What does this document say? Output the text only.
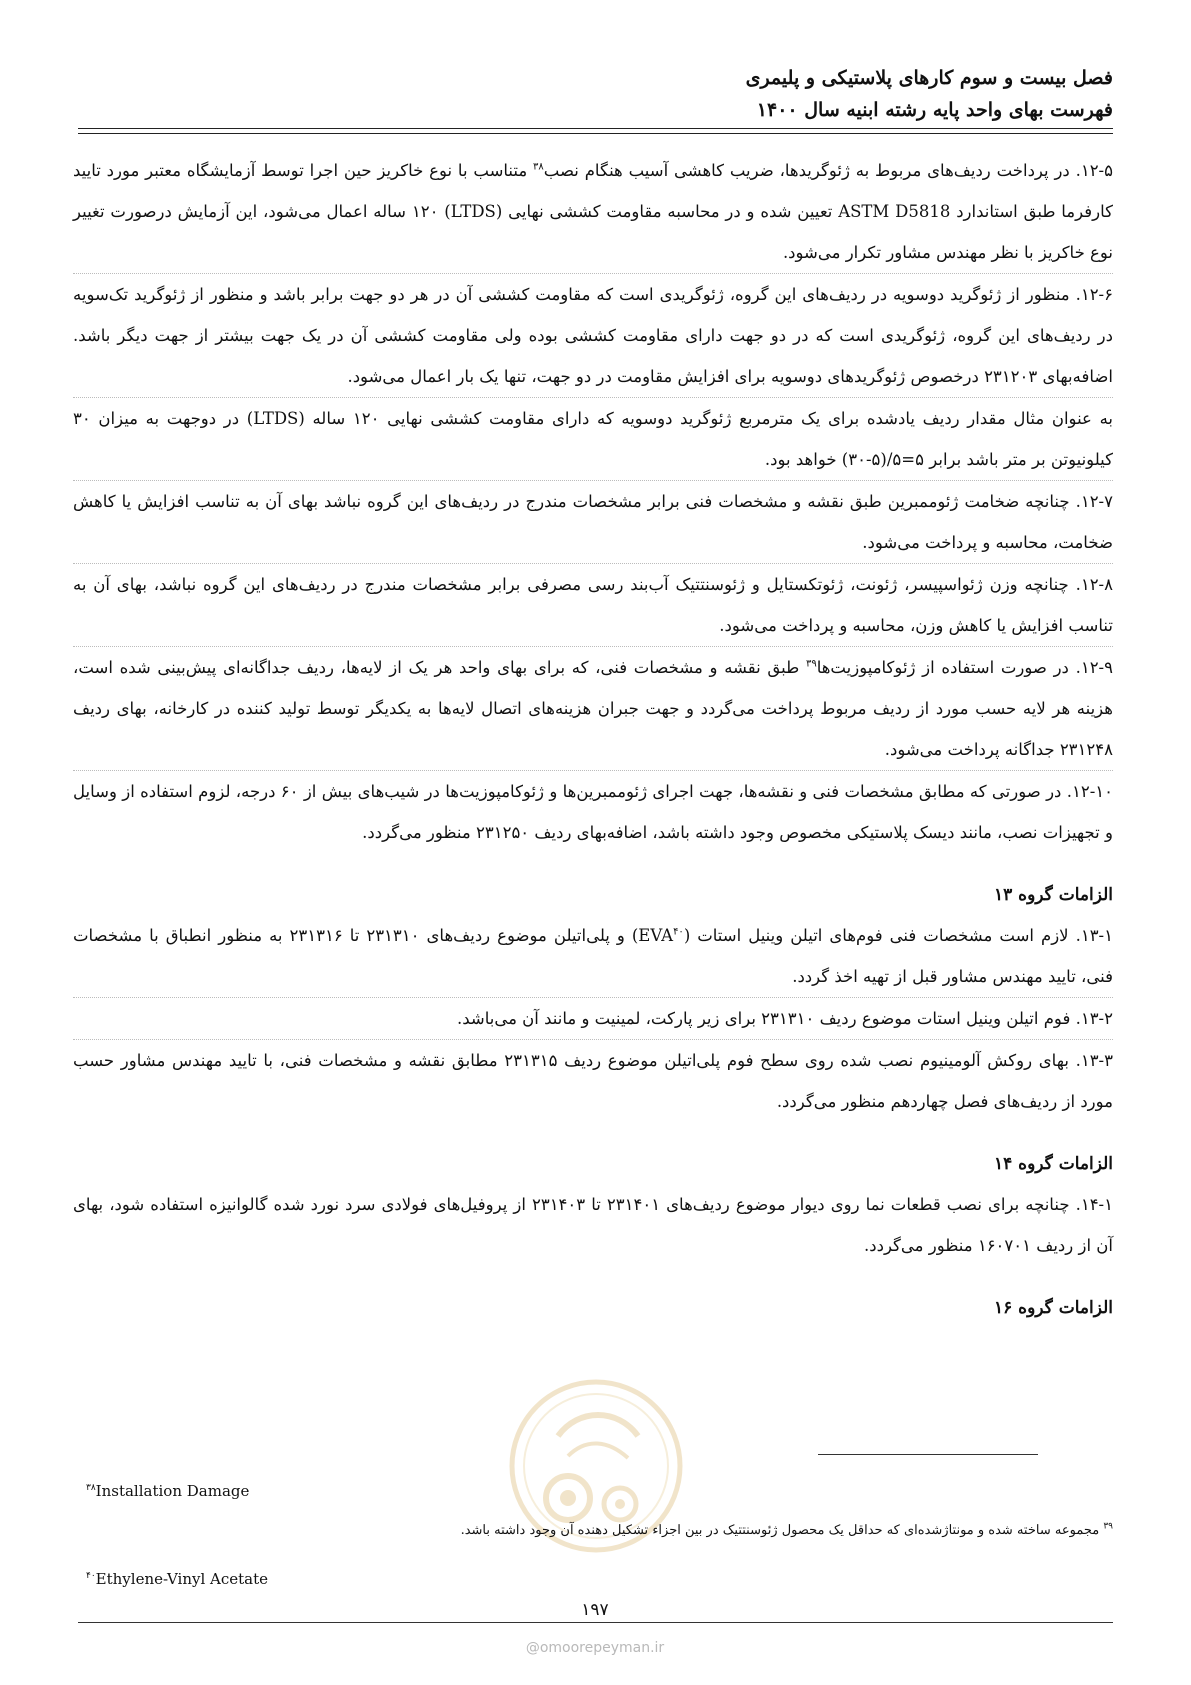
فصل بیست و سوم کارهای پلاستیکی و پلیمری
فهرست بهای واحد پایه رشته ابنیه سال ۱۴۰۰

۱۲-۵. در پرداخت ردیف‌های مربوط به ژئوگریدها، ضریب کاهشی آسیب هنگام نصب$^{۳۸}$ متناسب با نوع خاکریز حین اجرا توسط آزمایشگاه معتبر مورد تایید کارفرما طبق استاندارد ASTM D5818 تعیین شده و در محاسبه مقاومت کششی نهایی (LTDS) ۱۲۰ ساله اعمال می‌شود، این آزمایش درصورت تغییر نوع خاکریز با نظر مهندس مشاور تکرار می‌شود.

۱۲-۶. منظور از ژئوگرید دوسویه در ردیف‌های این گروه، ژئوگریدی است که مقاومت کششی آن در هر دو جهت برابر باشد و منظور از ژئوگرید تک‌سویه در ردیف‌های این گروه، ژئوگریدی است که در دو جهت دارای مقاومت کششی بوده ولی مقاومت کششی آن در یک جهت بیشتر از جهت دیگر باشد. اضافه‌بهای ۲۳۱۲۰۳ درخصوص ژئوگریدهای دوسویه برای افزایش مقاومت در دو جهت، تنها یک بار اعمال می‌شود.

به عنوان مثال مقدار ردیف یادشده برای یک مترمربع ژئوگرید دوسویه که دارای مقاومت کششی نهایی ۱۲۰ ساله (LTDS) در دوجهت به میزان ۳۰ کیلونیوتن بر متر باشد برابر ۵=۵/(۵-۳۰) خواهد بود.

۱۲-۷. چنانچه ضخامت ژئوممبرین طبق نقشه و مشخصات فنی برابر مشخصات مندرج در ردیف‌های این گروه نباشد بهای آن به تناسب افزایش یا کاهش ضخامت، محاسبه و پرداخت می‌شود.

۱۲-۸. چنانچه وزن ژئواسپیسر، ژئونت، ژئوتکستایل و ژئوسنتتیک آب‌بند رسی مصرفی برابر مشخصات مندرج در ردیف‌های این گروه نباشد، بهای آن به تناسب افزایش یا کاهش وزن، محاسبه و پرداخت می‌شود.

۱۲-۹. در صورت استفاده از ژئوکامپوزیت‌ها$^{۳۹}$ طبق نقشه و مشخصات فنی، که برای بهای واحد هر یک از لایه‌ها، ردیف جداگانه‌ای پیش‌بینی شده است، هزینه هر لایه حسب مورد از ردیف مربوط پرداخت می‌گردد و جهت جبران هزینه‌های اتصال لایه‌ها به یکدیگر توسط تولید کننده در کارخانه، بهای ردیف ۲۳۱۲۴۸ جداگانه پرداخت می‌شود.

۱۲-۱۰. در صورتی که مطابق مشخصات فنی و نقشه‌ها، جهت اجرای ژئوممبرین‌ها و ژئوکامپوزیت‌ها در شیب‌های بیش از ۶۰ درجه، لزوم استفاده از وسایل و تجهیزات نصب، مانند دیسک پلاستیکی مخصوص وجود داشته باشد، اضافه‌بهای ردیف ۲۳۱۲۵۰ منظور می‌گردد.

الزامات گروه ۱۳

۱۳-۱. لازم است مشخصات فنی فوم‌های اتیلن وینیل استات (EVA$^{۴۰}$) و پلی‌اتیلن موضوع ردیف‌های ۲۳۱۳۱۰ تا ۲۳۱۳۱۶ به منظور انطباق با مشخصات فنی، تایید مهندس مشاور قبل از تهیه اخذ گردد.

۱۳-۲. فوم اتیلن وینیل استات موضوع ردیف ۲۳۱۳۱۰ برای زیر پارکت، لمینیت و مانند آن می‌باشد.

۱۳-۳. بهای روکش آلومینیوم نصب شده روی سطح فوم پلی‌اتیلن موضوع ردیف ۲۳۱۳۱۵ مطابق نقشه و مشخصات فنی، با تایید مهندس مشاور حسب مورد از ردیف‌های فصل چهاردهم منظور می‌گردد.

الزامات گروه ۱۴

۱۴-۱. چنانچه برای نصب قطعات نما روی دیوار موضوع ردیف‌های ۲۳۱۴۰۱ تا ۲۳۱۴۰۳ از پروفیل‌های فولادی سرد نورد شده گالوانیزه استفاده شود، بهای آن از ردیف ۱۶۰۷۰۱ منظور می‌گردد.

الزامات گروه ۱۶
$^{۳۸}$Installation Damage
$^{۳۹}$ مجموعه ساخته شده و مونتاژشده‌ای که حداقل یک محصول ژئوسنتتیک در بین اجزاء تشکیل دهنده آن وجود داشته باشد.
$^{۴۰}$Ethylene-Vinyl Acetate
۱۹۷
@omoorepeyman.ir
